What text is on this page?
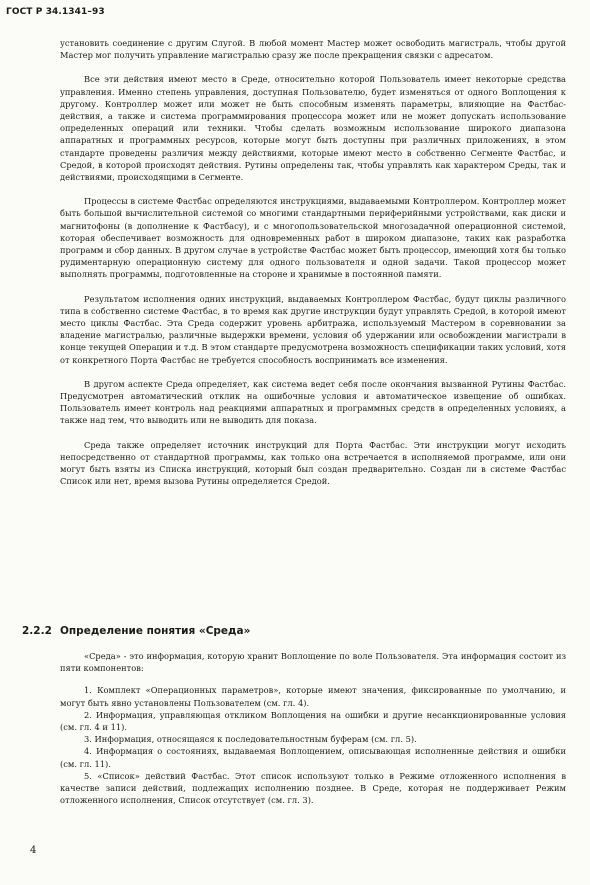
ГОСТ Р 34.1341–93

установить соединение с другим Слугой. В любой момент Мастер может освободить магистраль, чтобы другой Мастер мог получить управление магистралью сразу же после прекращения связки с адресатом.

Все эти действия имеют место в Среде, относительно которой Пользователь имеет некоторые средства управления. Именно степень управления, доступная Пользователю, будет изменяться от одного Воплощения к другому. Контроллер может или может не быть способным изменять параметры, влияющие на Фастбас-действия, а также и система программирования процессора может или не может допускать использование определенных операций или техники. Чтобы сделать возможным использование широкого диапазона аппаратных и программных ресурсов, которые могут быть доступны при различных приложениях, в этом стандарте проведены различия между действиями, которые имеют место в собственно Сегменте Фастбас, и Средой, в которой происходят действия. Рутины определены так, чтобы управлять как характером Среды, так и действиями, происходящими в Сегменте.

Процессы в системе Фастбас определяются инструкциями, выдаваемыми Контроллером. Контроллер может быть большой вычислительной системой со многими стандартными периферийными устройствами, как диски и магнитофоны (в дополнение к Фастбасу), и с многопользовательской многозадачной операционной системой, которая обеспечивает возможность для одновременных работ в широком диапазоне, таких как разработка программ и сбор данных. В другом случае в устройстве Фастбас может быть процессор, имеющий хотя бы только рудиментарную операционную систему для одного пользователя и одной задачи. Такой процессор может выполнять программы, подготовленные на стороне и хранимые в постоянной памяти.

Результатом исполнения одних инструкций, выдаваемых Контроллером Фастбас, будут циклы различного типа в собственно системе Фастбас, в то время как другие инструкции будут управлять Средой, в которой имеют место циклы Фастбас. Эта Среда содержит уровень арбитража, используемый Мастером в соревновании за владение магистралью, различные выдержки времени, условия об удержании или освобождении магистрали в конце текущей Операции и т.д. В этом стандарте предусмотрена возможность спецификации таких условий, хотя от конкретного Порта Фастбас не требуется способность воспринимать все изменения.

В другом аспекте Среда определяет, как система ведет себя после окончания вызванной Рутины Фастбас. Предусмотрен автоматический отклик на ошибочные условия и автоматическое извещение об ошибках. Пользователь имеет контроль над реакциями аппаратных и программных средств в определенных условиях, а также над тем, что выводить или не выводить для показа.

Среда также определяет источник инструкций для Порта Фастбас. Эти инструкции могут исходить непосредственно от стандартной программы, как только она встречается в исполняемой программе, или они могут быть взяты из Списка инструкций, который был создан предварительно. Создан ли в системе Фастбас Список или нет, время вызова Рутины определяется Средой.

2.2.2 Определение понятия «Среда»

«Среда» - это информация, которую хранит Воплощение по воле Пользователя. Эта информация состоит из пяти компонентов:

1. Комплект «Операционных параметров», которые имеют значения, фиксированные по умолчанию, и могут быть явно установлены Пользователем (см. гл. 4).
2. Информация, управляющая откликом Воплощения на ошибки и другие несанкционированные условия (см. гл. 4 и 11).
3. Информация, относящаяся к последовательностным буферам (см. гл. 5).
4. Информация о состояниях, выдаваемая Воплощением, описывающая исполненные действия и ошибки (см. гл. 11).
5. «Список» действий Фастбас. Этот список используют только в Режиме отложенного исполнения в качестве записи действий, подлежащих исполнению позднее. В Среде, которая не поддерживает Режим отложенного исполнения, Список отсутствует (см. гл. 3).
4
